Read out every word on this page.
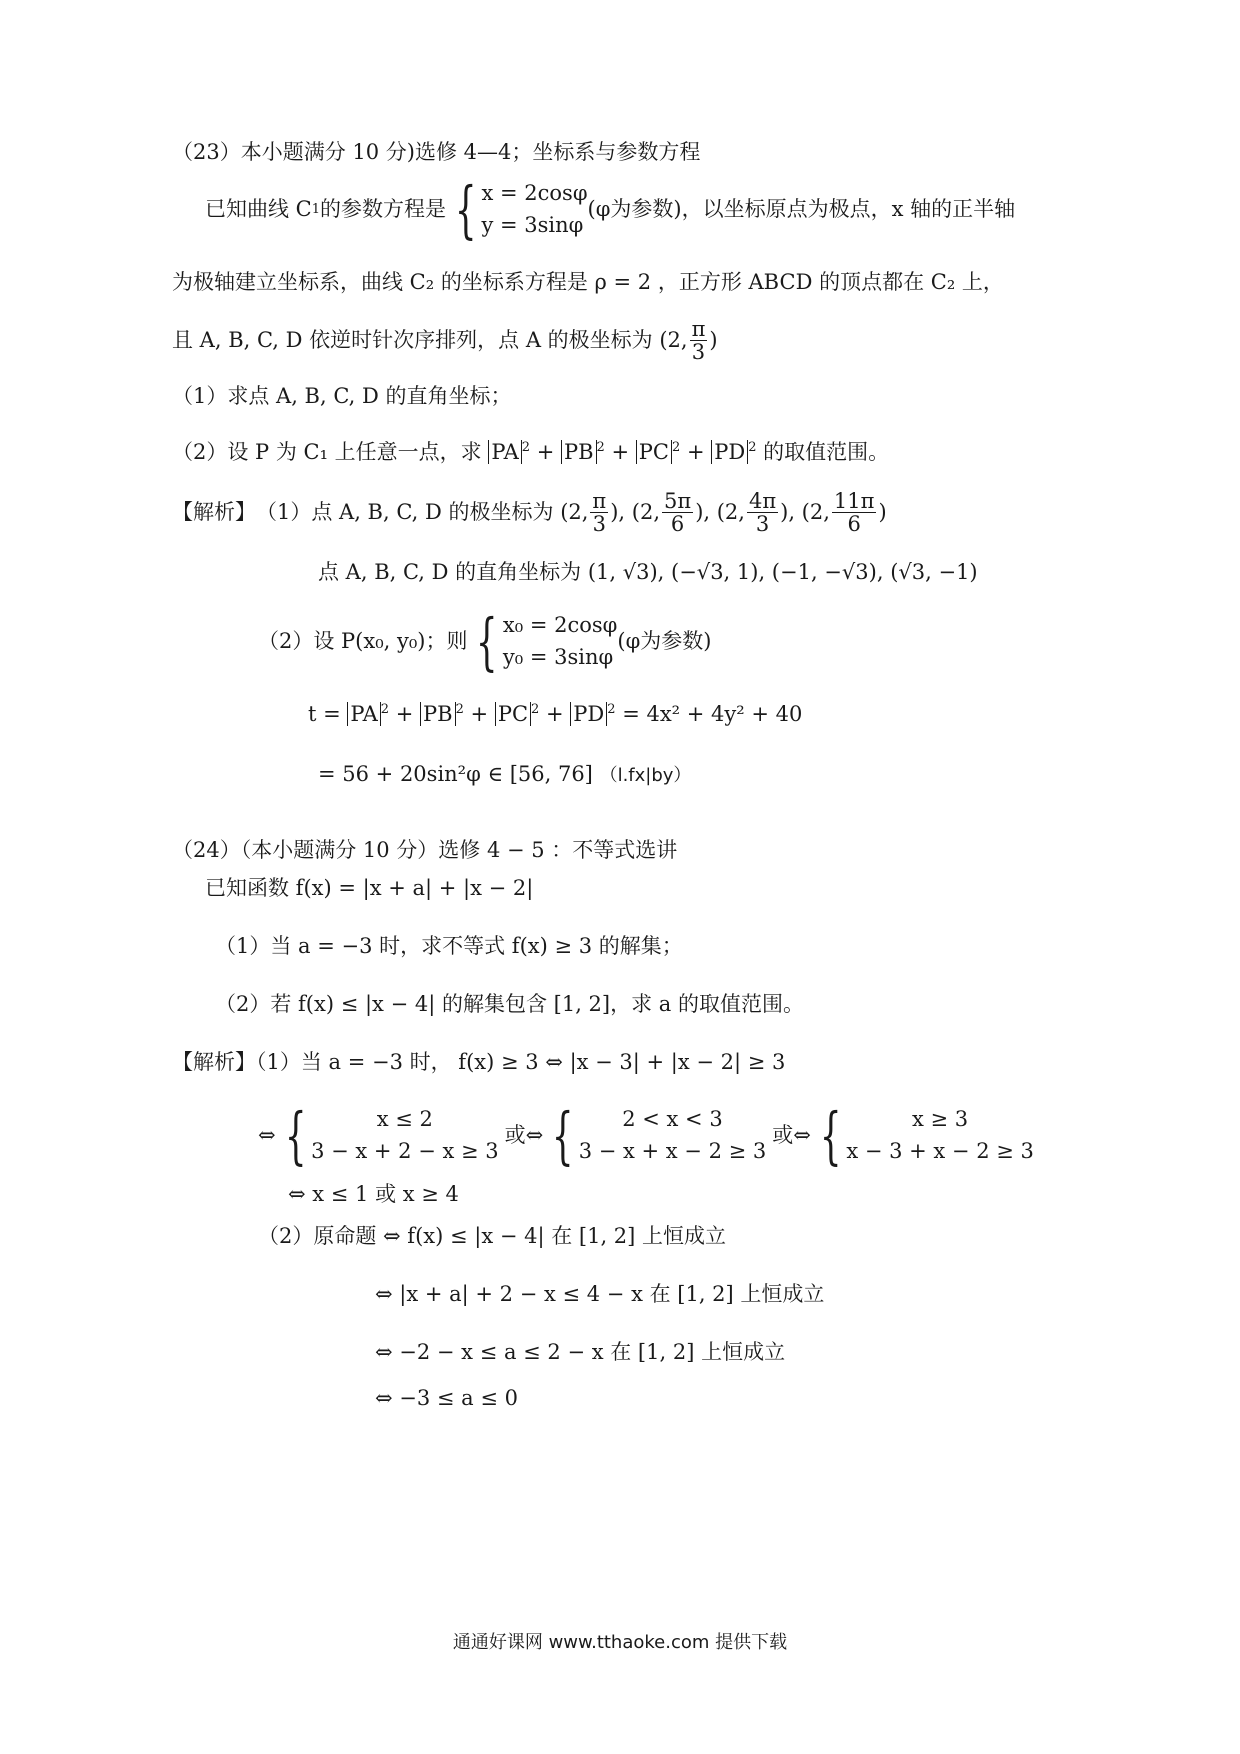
（23）本小题满分 10 分)选修 4—4；坐标系与参数方程
已知曲线 C 1 的参数方程是 { x = 2cosφ
y = 3sinφ
(φ为参数)，以坐标原点为极点，x 轴的正半轴
为极轴建立坐标系，曲线 C₂ 的坐标系方程是 ρ = 2 ，正方形 ABCD 的顶点都在 C₂ 上，
且 A, B, C, D 依逆时针次序排列，点 A 的极坐标为 (2, $\frac{\pi}{3}$ )
（1）求点 A, B, C, D 的直角坐标；
（2）设 P 为 C₁ 上任意一点，求 PA $^2$ + PB $^2$ + PC $^2$ + PD $^2$ 的取值范围。
【解析】 （1）点 A, B, C, D 的极坐标为 (2, $\frac{\pi}{3}$ ), (2, $\frac{5\pi}{6}$ ), (2, $\frac{4\pi}{3}$ ), (2, $\frac{11\pi}{6}$ )
点 A, B, C, D 的直角坐标为 (1, √3), (−√3, 1), (−1, −√3), (√3, −1)
（2）设 P(x₀, y₀)；则 { x₀ = 2cosφ
y₀ = 3sinφ
(φ为参数)
t = PA $^2$ + PB $^2$ + PC $^2$ + PD $^2$ = 4x² + 4y² + 40
= 56 + 20sin²φ ∈ [56, 76] （l.fx|by）
（24）（本小题满分 10 分）选修 4 − 5 ：不等式选讲
已知函数 f(x) = |x + a| + |x − 2|
（1）当 a = −3 时，求不等式 f(x) ≥ 3 的解集；
（2）若 f(x) ≤ |x − 4| 的解集包含 [1, 2]，求 a 的取值范围。
【解析】（1）当 a = −3 时， f(x) ≥ 3 ⇔ |x − 3| + |x − 2| ≥ 3
⇔ {	x ≤ 2
3 − x + 2 − x ≥ 3
或 ⇔ { 2 < x < 3
3 − x + x − 2 ≥ 3
或 ⇔ {	x ≥ 3
x − 3 + x − 2 ≥ 3
⇔ x ≤ 1 或 x ≥ 4
（2）原命题 ⇔ f(x) ≤ |x − 4| 在 [1, 2] 上恒成立
⇔ |x + a| + 2 − x ≤ 4 − x 在 [1, 2] 上恒成立
⇔ −2 − x ≤ a ≤ 2 − x 在 [1, 2] 上恒成立
⇔ −3 ≤ a ≤ 0
通通好课网 www.tthaoke.com 提供下载
